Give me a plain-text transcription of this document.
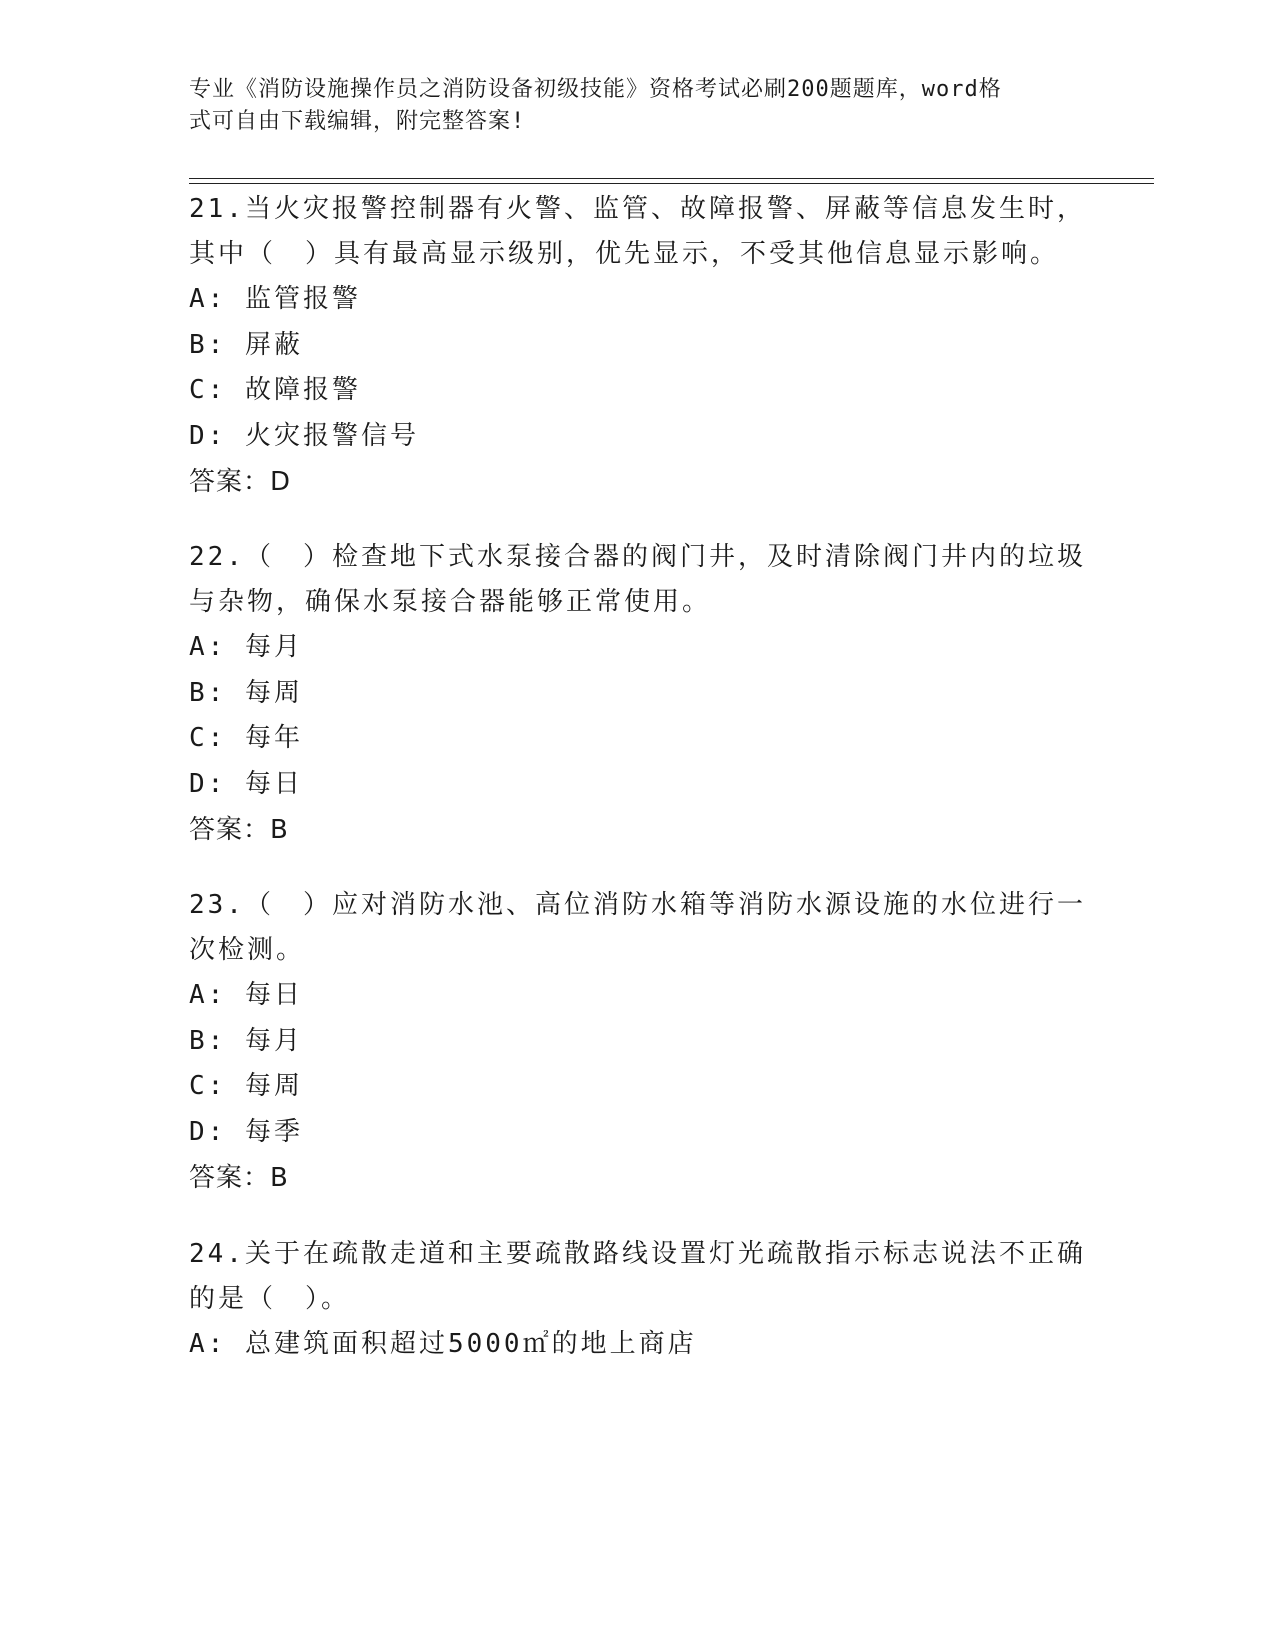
专业《消防设施操作员之消防设备初级技能》资格考试必刷200题题库，word格
式可自由下载编辑，附完整答案!

21.当火灾报警控制器有火警、监管、故障报警、屏蔽等信息发生时，

其中（　）具有最高显示级别，优先显示，不受其他信息显示影响。

A: 监管报警

B: 屏蔽

C: 故障报警

D: 火灾报警信号

答案：D

22.（　）检查地下式水泵接合器的阀门井，及时清除阀门井内的垃圾

与杂物，确保水泵接合器能够正常使用。

A: 每月

B: 每周

C: 每年

D: 每日

答案：B

23.（　）应对消防水池、高位消防水箱等消防水源设施的水位进行一

次检测。

A: 每日

B: 每月

C: 每周

D: 每季

答案：B

24.关于在疏散走道和主要疏散路线设置灯光疏散指示标志说法不正确

的是（　）。

A: 总建筑面积超过5000㎡的地上商店
